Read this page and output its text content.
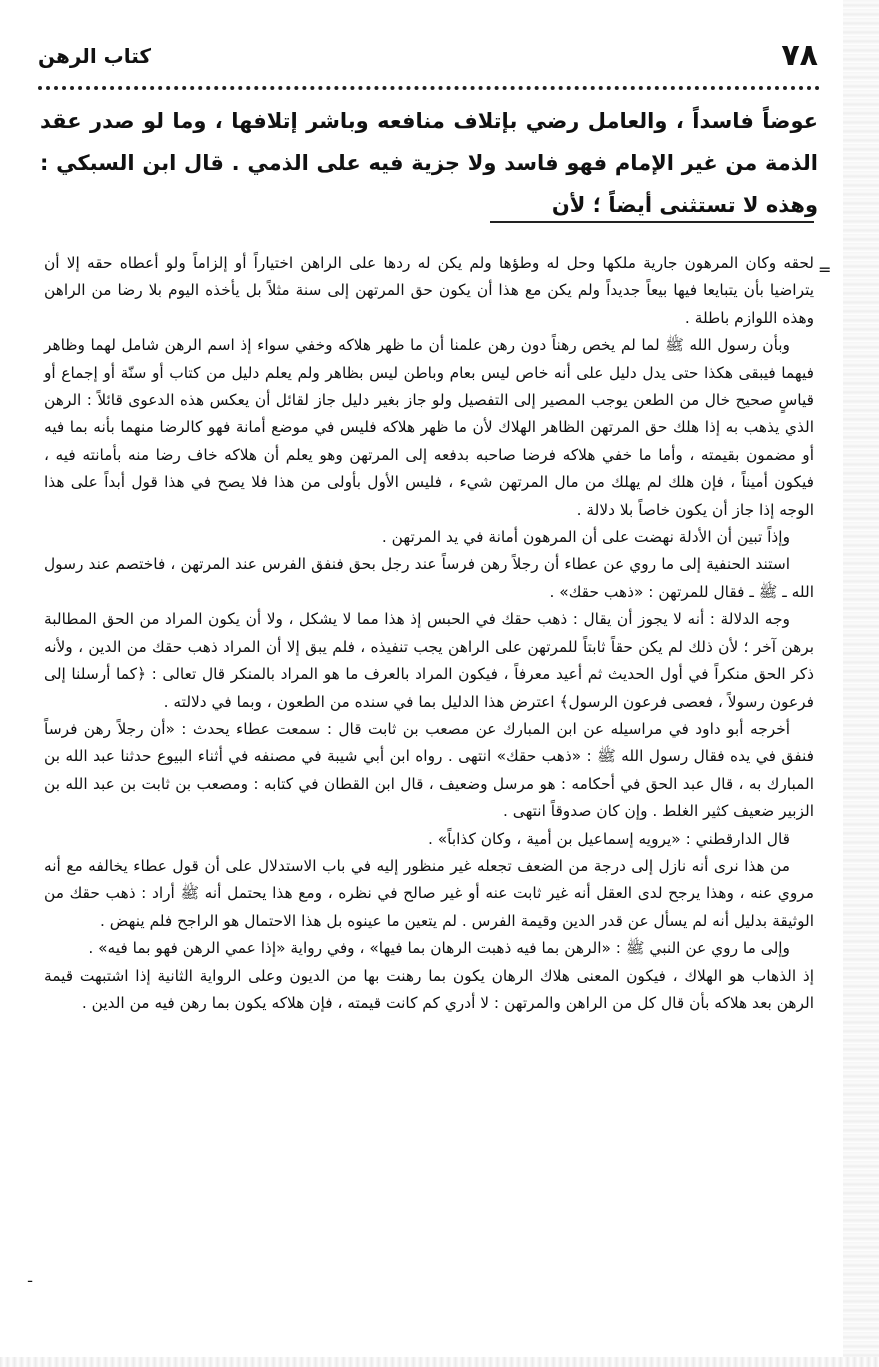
٧٨
كتاب الرهن

عوضاً فاسداً ، والعامل رضي بإتلاف منافعه وباشر إتلافها ، وما لو صدر عقد الذمة من غير الإمام فهو فاسد ولا جزية فيه على الذمي . قال ابن السبكي : وهذه لا تستثنى أيضاً ؛ لأن

=

لحقه وكان المرهون جارية ملكها وحل له وطؤها ولم يكن له ردها على الراهن اختياراً أو إلزاماً ولو أعطاه حقه إلا أن يتراضيا بأن يتبايعا فيها بيعاً جديداً ولم يكن مع هذا أن يكون حق المرتهن إلى سنة مثلاً بل يأخذه اليوم بلا رضا من الراهن وهذه اللوازم باطلة .

وبأن رسول الله ﷺ لما لم يخص رهناً دون رهن علمنا أن ما ظهر هلاكه وخفي سواء إذ اسم الرهن شامل لهما وظاهر فيهما فيبقى هكذا حتى يدل دليل على أنه خاص ليس بعام وباطن ليس بظاهر ولم يعلم دليل من كتاب أو سنّة أو إجماع أو قياسٍ صحيح خال من الطعن يوجب المصير إلى التفصيل ولو جاز بغير دليل جاز لقائل أن يعكس هذه الدعوى قائلاً : الرهن الذي يذهب به إذا هلك حق المرتهن الظاهر الهلاك لأن ما ظهر هلاكه فليس في موضع أمانة فهو كالرضا منهما بأنه بما فيه أو مضمون بقيمته ، وأما ما خفي هلاكه فرضا صاحبه بدفعه إلى المرتهن وهو يعلم أن هلاكه خاف رضا منه بأمانته فيه ، فيكون أميناً ، فإن هلك لم يهلك من مال المرتهن شيء ، فليس الأول بأولى من هذا فلا يصح في هذا قول أبداً على هذا الوجه إذا جاز أن يكون خاصاً بلا دلالة .

وإذاً تبين أن الأدلة نهضت على أن المرهون أمانة في يد المرتهن .

استند الحنفية إلى ما روي عن عطاء أن رجلاً رهن فرساً عند رجل بحق فنفق الفرس عند المرتهن ، فاختصم عند رسول الله ـ ﷺ ـ فقال للمرتهن : «ذهب حقك» .

وجه الدلالة : أنه لا يجوز أن يقال : ذهب حقك في الحبس إذ هذا مما لا يشكل ، ولا أن يكون المراد من الحق المطالبة برهن آخر ؛ لأن ذلك لم يكن حقاً ثابتاً للمرتهن على الراهن يجب تنفيذه ، فلم يبق إلا أن المراد ذهب حقك من الدين ، ولأنه ذكر الحق منكراً في أول الحديث ثم أعيد معرفاً ، فيكون المراد بالعرف ما هو المراد بالمنكر قال تعالى : ﴿كما أرسلنا إلى فرعون رسولاً ، فعصى فرعون الرسول﴾ اعترض هذا الدليل بما في سنده من الطعون ، وبما في دلالته .

أخرجه أبو داود في مراسيله عن ابن المبارك عن مصعب بن ثابت قال : سمعت عطاء يحدث : «أن رجلاً رهن فرساً فنفق في يده فقال رسول الله ﷺ : «ذهب حقك» انتهى . رواه ابن أبي شيبة في مصنفه في أثناء البيوع حدثنا عبد الله بن المبارك به ، قال عبد الحق في أحكامه : هو مرسل وضعيف ، قال ابن القطان في كتابه : ومصعب بن ثابت بن عبد الله بن الزبير ضعيف كثير الغلط . وإن كان صدوقاً انتهى .

قال الدارقطني : «يرويه إسماعيل بن أمية ، وكان كذاباً» .

من هذا نرى أنه نازل إلى درجة من الضعف تجعله غير منظور إليه في باب الاستدلال على أن قول عطاء يخالفه مع أنه مروي عنه ، وهذا يرجح لدى العقل أنه غير ثابت عنه أو غير صالح في نظره ، ومع هذا يحتمل أنه ﷺ أراد : ذهب حقك من الوثيقة بدليل أنه لم يسأل عن قدر الدين وقيمة الفرس . لم يتعين ما عينوه بل هذا الاحتمال هو الراجح فلم ينهض .

وإلى ما روي عن النبي ﷺ : «الرهن بما فيه ذهبت الرهان بما فيها» ، وفي رواية «إذا عمي الرهن فهو بما فيه» .

إذ الذهاب هو الهلاك ، فيكون المعنى هلاك الرهان يكون بما رهنت بها من الديون وعلى الرواية الثانية إذا اشتبهت قيمة الرهن بعد هلاكه بأن قال كل من الراهن والمرتهن : لا أدري كم كانت قيمته ، فإن هلاكه يكون بما رهن فيه من الدين .

ـ
